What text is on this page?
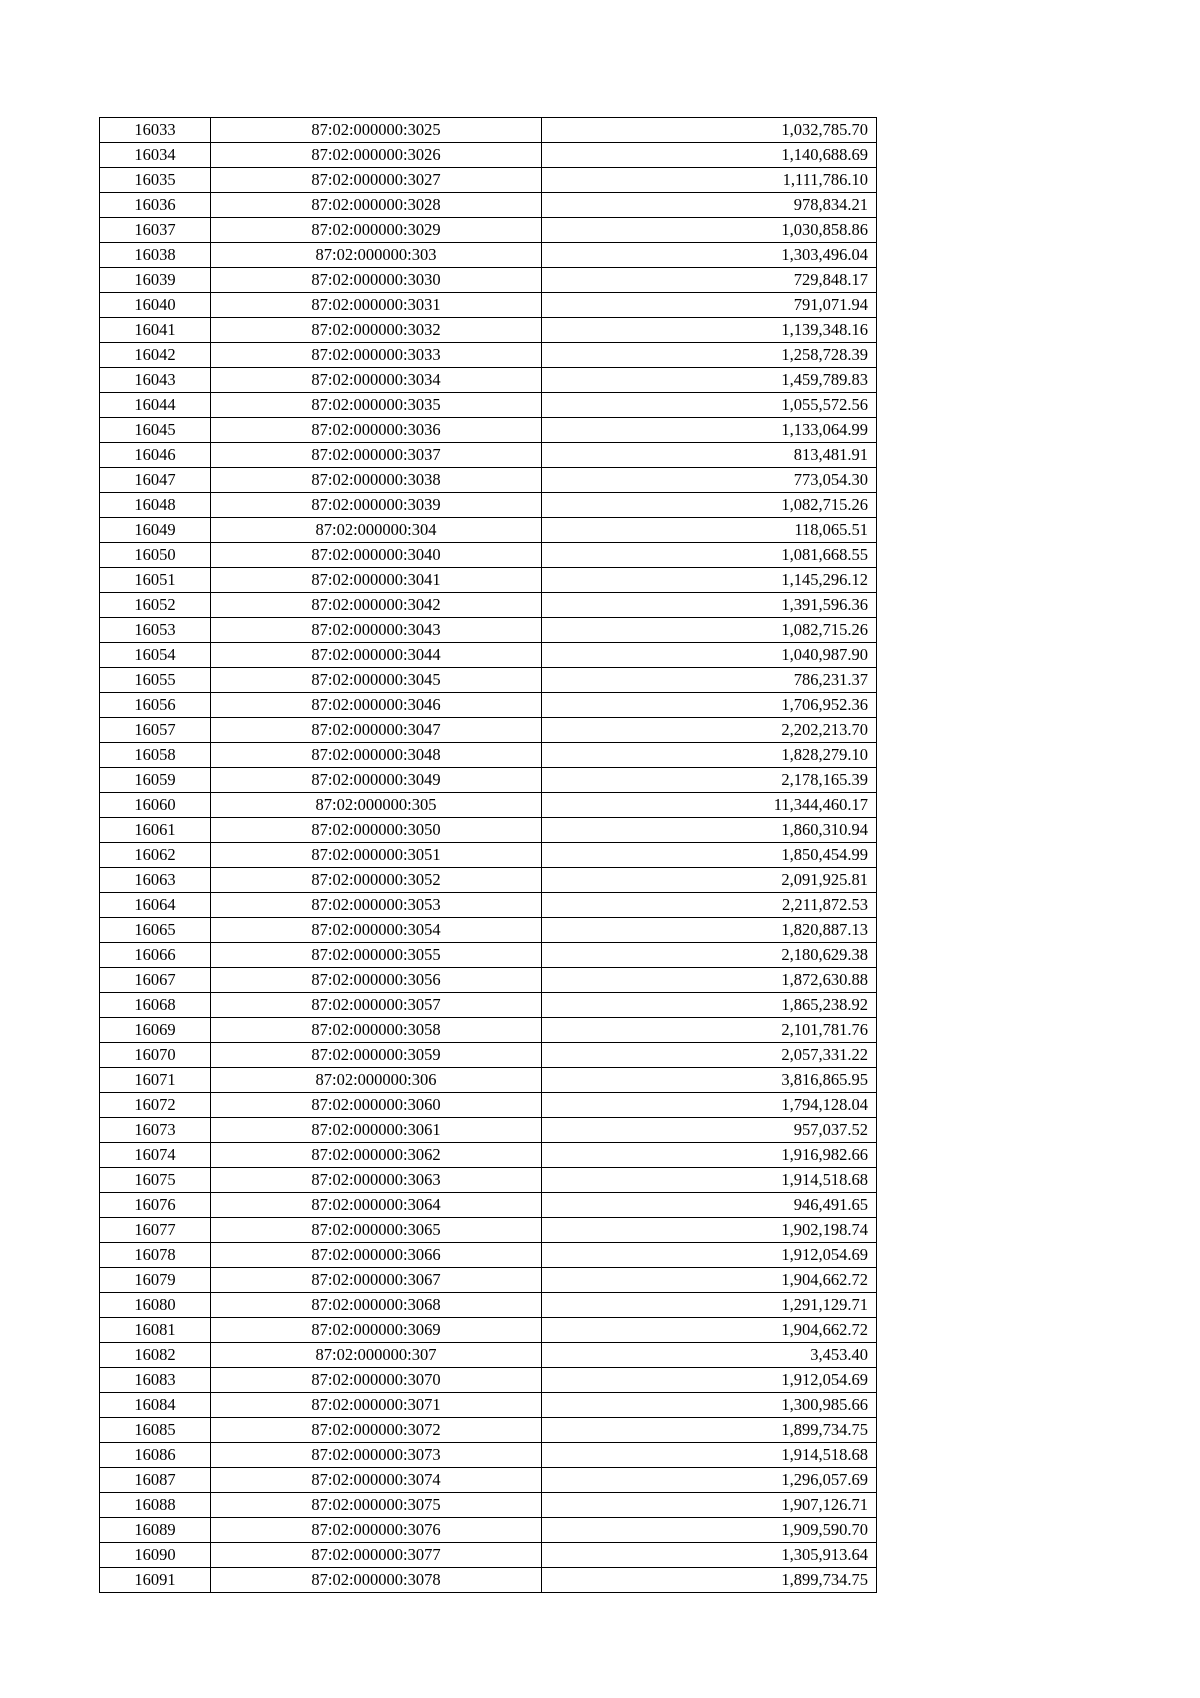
16033	87:02:000000:3025	1,032,785.70
16034	87:02:000000:3026	1,140,688.69
16035	87:02:000000:3027	1,111,786.10
16036	87:02:000000:3028	978,834.21
16037	87:02:000000:3029	1,030,858.86
16038	87:02:000000:303	1,303,496.04
16039	87:02:000000:3030	729,848.17
16040	87:02:000000:3031	791,071.94
16041	87:02:000000:3032	1,139,348.16
16042	87:02:000000:3033	1,258,728.39
16043	87:02:000000:3034	1,459,789.83
16044	87:02:000000:3035	1,055,572.56
16045	87:02:000000:3036	1,133,064.99
16046	87:02:000000:3037	813,481.91
16047	87:02:000000:3038	773,054.30
16048	87:02:000000:3039	1,082,715.26
16049	87:02:000000:304	118,065.51
16050	87:02:000000:3040	1,081,668.55
16051	87:02:000000:3041	1,145,296.12
16052	87:02:000000:3042	1,391,596.36
16053	87:02:000000:3043	1,082,715.26
16054	87:02:000000:3044	1,040,987.90
16055	87:02:000000:3045	786,231.37
16056	87:02:000000:3046	1,706,952.36
16057	87:02:000000:3047	2,202,213.70
16058	87:02:000000:3048	1,828,279.10
16059	87:02:000000:3049	2,178,165.39
16060	87:02:000000:305	11,344,460.17
16061	87:02:000000:3050	1,860,310.94
16062	87:02:000000:3051	1,850,454.99
16063	87:02:000000:3052	2,091,925.81
16064	87:02:000000:3053	2,211,872.53
16065	87:02:000000:3054	1,820,887.13
16066	87:02:000000:3055	2,180,629.38
16067	87:02:000000:3056	1,872,630.88
16068	87:02:000000:3057	1,865,238.92
16069	87:02:000000:3058	2,101,781.76
16070	87:02:000000:3059	2,057,331.22
16071	87:02:000000:306	3,816,865.95
16072	87:02:000000:3060	1,794,128.04
16073	87:02:000000:3061	957,037.52
16074	87:02:000000:3062	1,916,982.66
16075	87:02:000000:3063	1,914,518.68
16076	87:02:000000:3064	946,491.65
16077	87:02:000000:3065	1,902,198.74
16078	87:02:000000:3066	1,912,054.69
16079	87:02:000000:3067	1,904,662.72
16080	87:02:000000:3068	1,291,129.71
16081	87:02:000000:3069	1,904,662.72
16082	87:02:000000:307	3,453.40
16083	87:02:000000:3070	1,912,054.69
16084	87:02:000000:3071	1,300,985.66
16085	87:02:000000:3072	1,899,734.75
16086	87:02:000000:3073	1,914,518.68
16087	87:02:000000:3074	1,296,057.69
16088	87:02:000000:3075	1,907,126.71
16089	87:02:000000:3076	1,909,590.70
16090	87:02:000000:3077	1,305,913.64
16091	87:02:000000:3078	1,899,734.75
